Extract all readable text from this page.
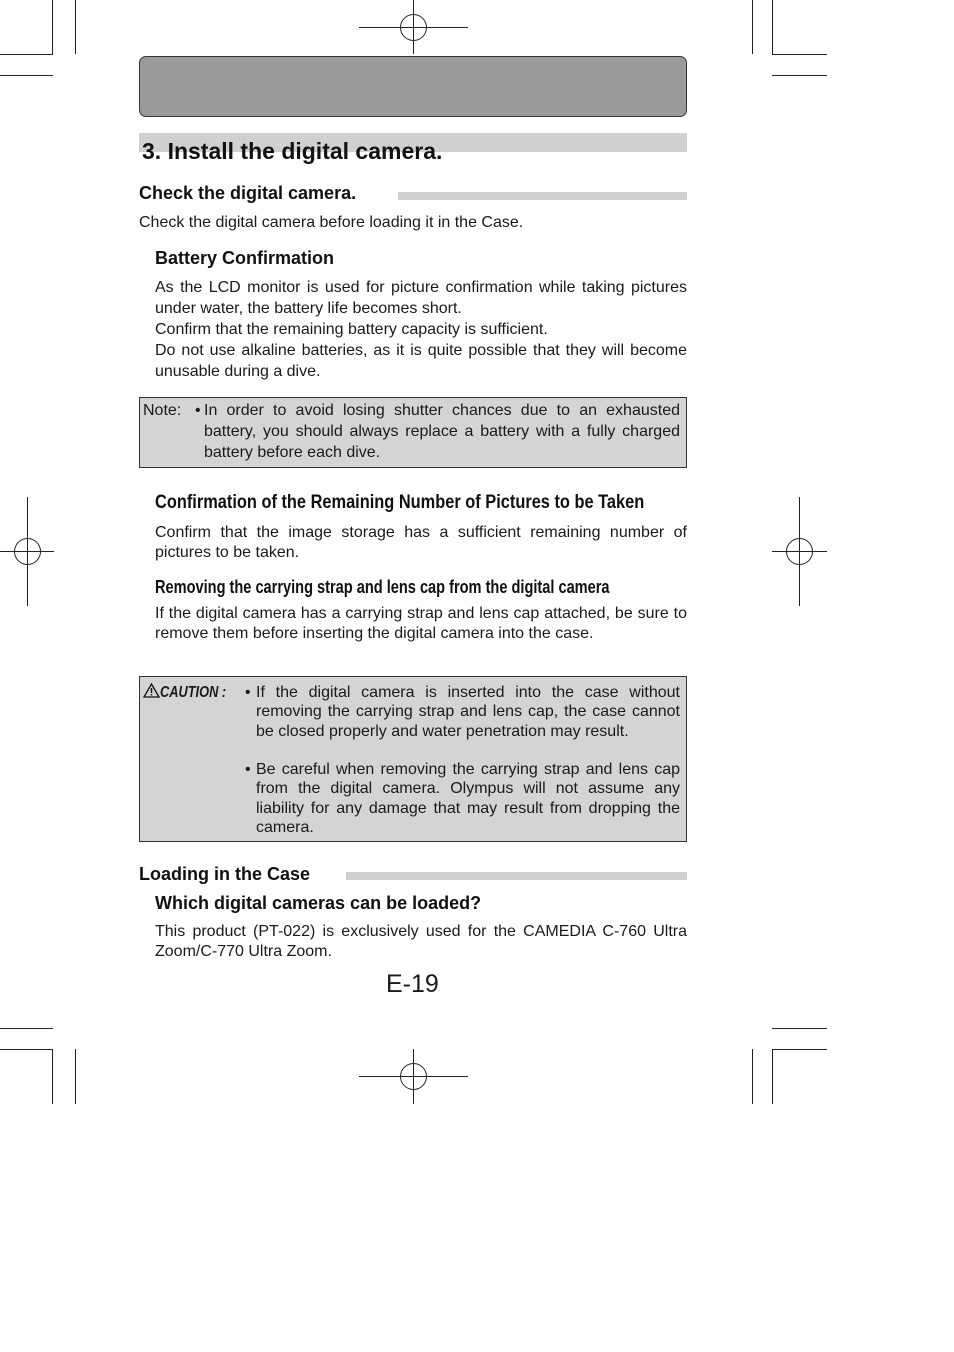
3. Install the digital camera.
Check the digital camera.
Check the digital camera before loading it in the Case.
Battery Confirmation
As the LCD monitor is used for picture confirmation while taking pictures under water, the battery life becomes short.
Confirm that the remaining battery capacity is sufficient.
Do not use alkaline batteries, as it is quite possible that they will become unusable during a dive.
Note: • In order to avoid losing shutter chances due to an exhausted battery, you should always replace a battery with a fully charged battery before each dive.
Confirmation of the Remaining Number of Pictures to be Taken
Confirm that the image storage has a sufficient remaining number of pictures to be taken.
Removing the carrying strap and lens cap from the digital camera
If the digital camera has a carrying strap and lens cap attached, be sure to remove them before inserting the digital camera into the case.
CAUTION :	• If the digital camera is inserted into the case without removing the carrying strap and lens cap, the case cannot be closed properly and water penetration may result.
• Be careful when removing the carrying strap and lens cap from the digital camera. Olympus will not assume any liability for any damage that may result from dropping the camera.
Loading in the Case
Which digital cameras can be loaded?
This product (PT-022) is exclusively used for the CAMEDIA C-760 Ultra Zoom/C-770 Ultra Zoom.
E-19
